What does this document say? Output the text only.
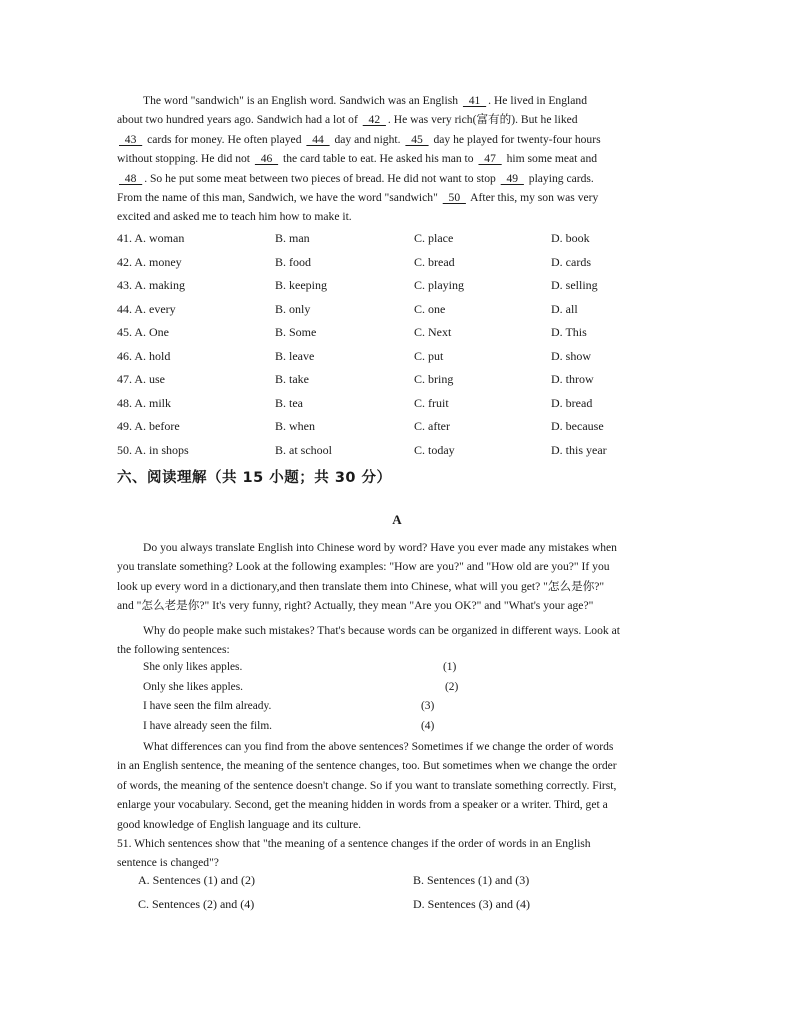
The word "sandwich" is an English word. Sandwich was an English   41  . He lived in England
about two hundred years ago. Sandwich had a lot of   42  . He was very rich(富有的). But he liked
43   cards for money. He often played   44   day and night.   45   day he played for twenty-four hours
without stopping. He did not   46   the card table to eat. He asked his man to   47   him some meat and
48  . So he put some meat between two pieces of bread. He did not want to stop   49   playing cards.
From the name of this man, Sandwich, we have the word "sandwich"   50   After this, my son was very
excited and asked me to teach him how to make it.
41. A. woman	B. man	C. place	D. book
42. A. money	B. food	C. bread	D. cards
43. A. making	B. keeping	C. playing	D. selling
44. A. every	B. only	C. one	D. all
45. A. One	B. Some	C. Next	D. This
46. A. hold	B. leave	C. put	D. show
47. A. use	B. take	C. bring	D. throw
48. A. milk	B. tea	C. fruit	D. bread
49. A. before	B. when	C. after	D. because
50. A. in shops	B. at school	C. today	D. this year
六、阅读理解（共 15 小题；共 30 分）
A
Do you always translate English into Chinese word by word? Have you ever made any mistakes when
you translate something? Look at the following examples: "How are you?" and "How old are you?" If you
look up every word in a dictionary,and then translate them into Chinese, what will you get? "怎么是你?"
and "怎么老是你?" It's very funny, right? Actually, they mean "Are you OK?" and "What's your age?"
Why do people make such mistakes? That's because words can be organized in different ways. Look at
the following sentences:
She only likes apples.	(1)
Only she likes apples.	(2)
I have seen the film already.	(3)
I have already seen the film.	(4)
What differences can you find from the above sentences? Sometimes if we change the order of words
in an English sentence, the meaning of the sentence changes, too. But sometimes when we change the order
of words, the meaning of the sentence doesn't change. So if you want to translate something correctly. First,
enlarge your vocabulary. Second, get the meaning hidden in words from a speaker or a writer. Third, get a
good knowledge of English language and its culture.
51. Which sentences show that "the meaning of a sentence changes if the order of words in an English
sentence is changed"?
A. Sentences (1) and (2)	B. Sentences (1) and (3)
C. Sentences (2) and (4)	D. Sentences (3) and (4)
